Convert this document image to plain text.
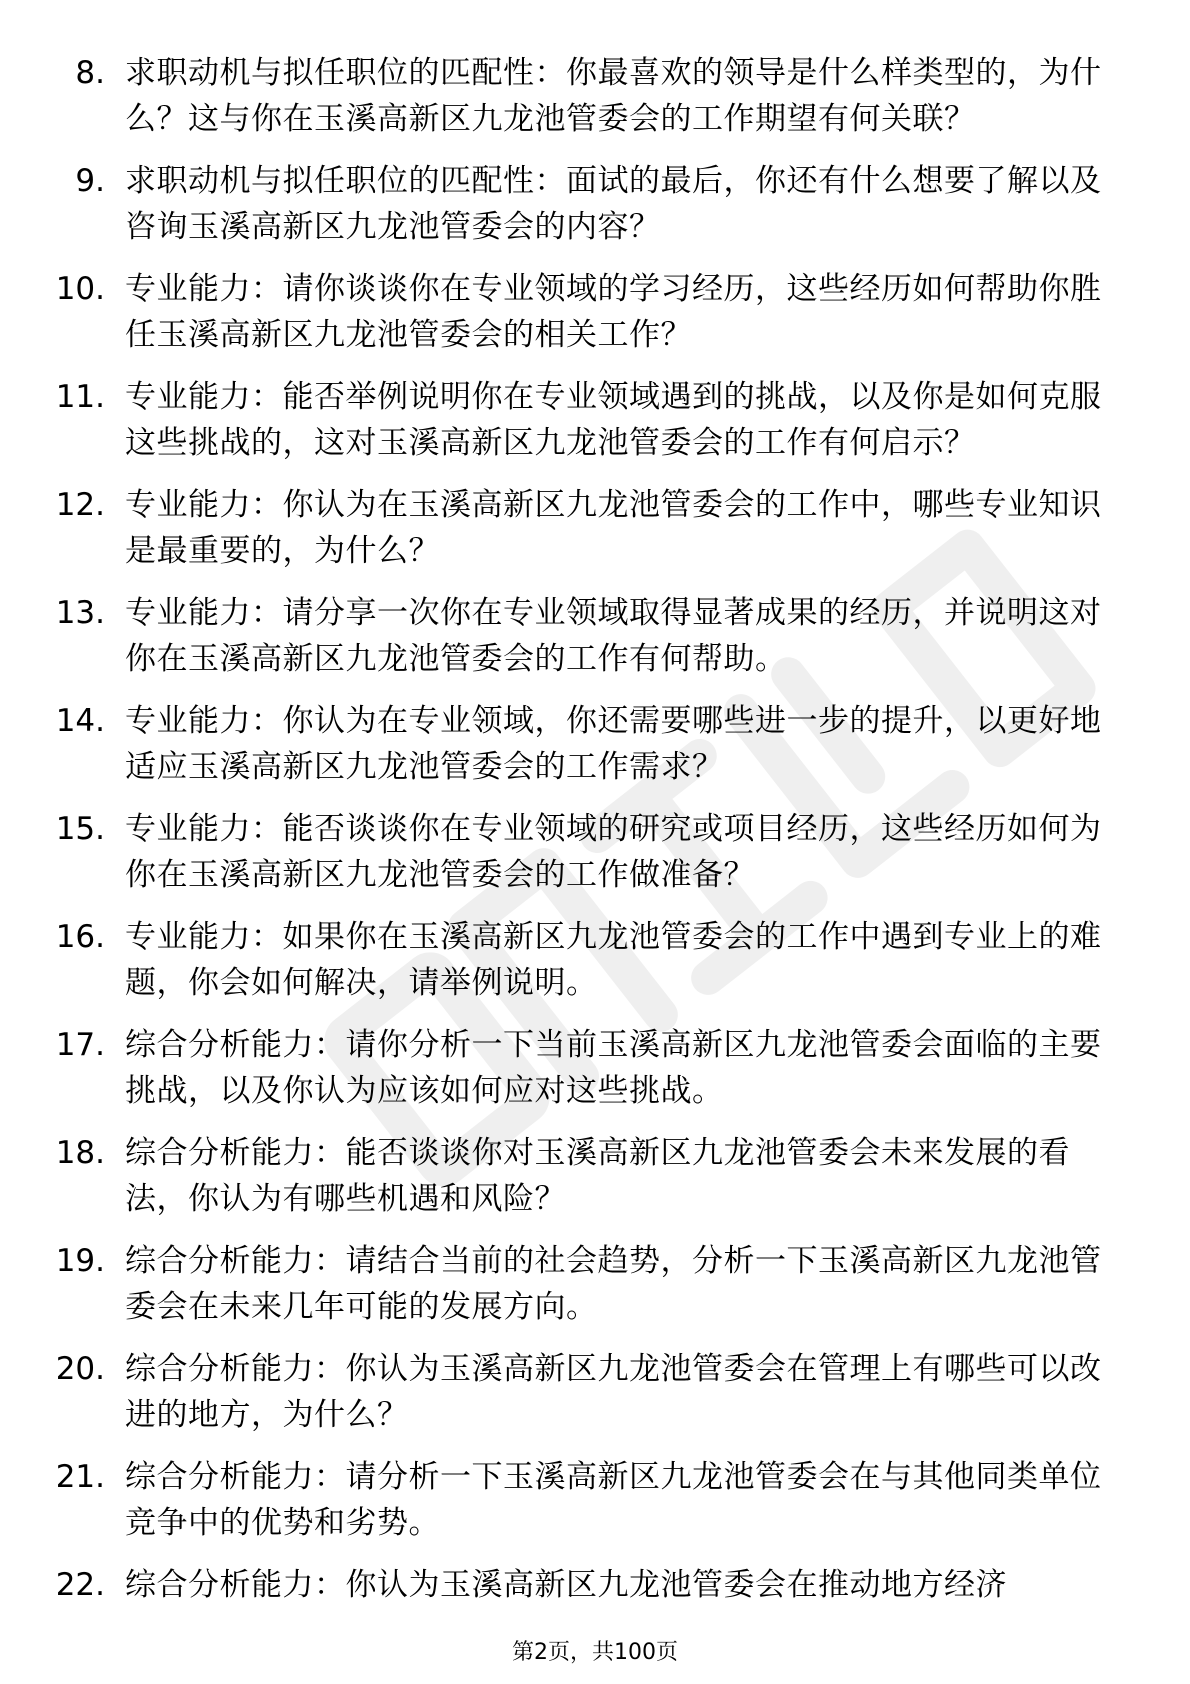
8. 求职动机与拟任职位的匹配性：你最喜欢的领导是什么样类型的，为什么？这与你在玉溪高新区九龙池管委会的工作期望有何关联？
9. 求职动机与拟任职位的匹配性：面试的最后，你还有什么想要了解以及咨询玉溪高新区九龙池管委会的内容？
10. 专业能力：请你谈谈你在专业领域的学习经历，这些经历如何帮助你胜任玉溪高新区九龙池管委会的相关工作？
11. 专业能力：能否举例说明你在专业领域遇到的挑战，以及你是如何克服这些挑战的，这对玉溪高新区九龙池管委会的工作有何启示？
12. 专业能力：你认为在玉溪高新区九龙池管委会的工作中，哪些专业知识是最重要的，为什么？
13. 专业能力：请分享一次你在专业领域取得显著成果的经历，并说明这对你在玉溪高新区九龙池管委会的工作有何帮助。
14. 专业能力：你认为在专业领域，你还需要哪些进一步的提升，以更好地适应玉溪高新区九龙池管委会的工作需求？
15. 专业能力：能否谈谈你在专业领域的研究或项目经历，这些经历如何为你在玉溪高新区九龙池管委会的工作做准备？
16. 专业能力：如果你在玉溪高新区九龙池管委会的工作中遇到专业上的难题，你会如何解决，请举例说明。
17. 综合分析能力：请你分析一下当前玉溪高新区九龙池管委会面临的主要挑战，以及你认为应该如何应对这些挑战。
18. 综合分析能力：能否谈谈你对玉溪高新区九龙池管委会未来发展的看法，你认为有哪些机遇和风险？
19. 综合分析能力：请结合当前的社会趋势，分析一下玉溪高新区九龙池管委会在未来几年可能的发展方向。
20. 综合分析能力：你认为玉溪高新区九龙池管委会在管理上有哪些可以改进的地方，为什么？
21. 综合分析能力：请分析一下玉溪高新区九龙池管委会在与其他同类单位竞争中的优势和劣势。
22. 综合分析能力：你认为玉溪高新区九龙池管委会在推动地方经济
第2页，共100页
